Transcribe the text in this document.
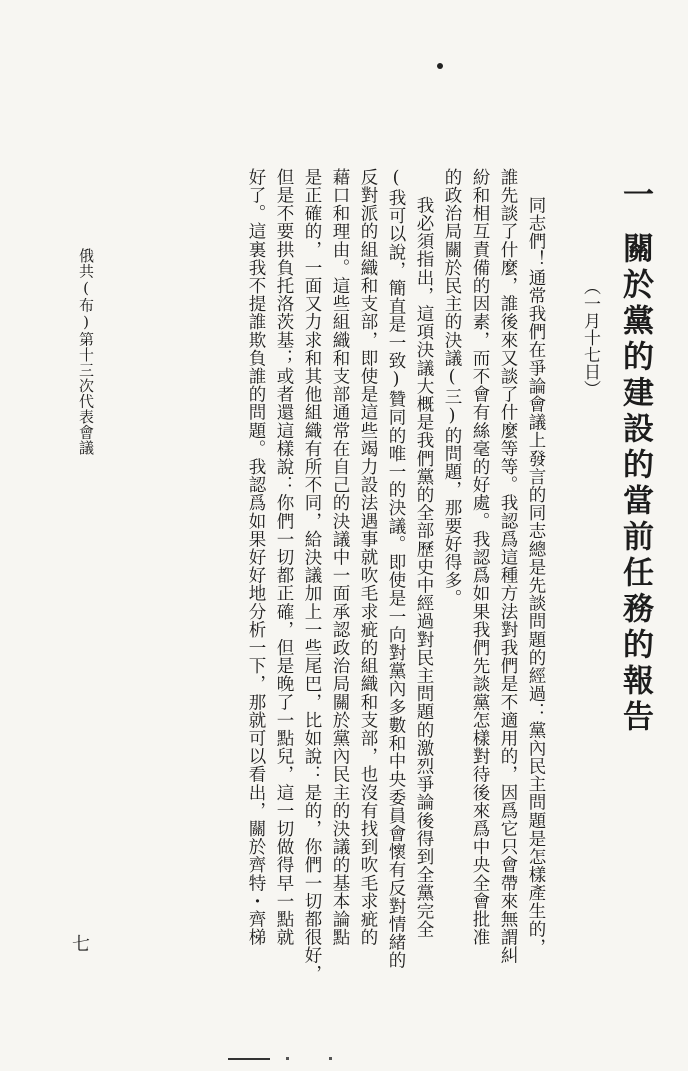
一關於黨的建設的當前任務的報告
（一月十七日）
同志們！通常我們在爭論會議上發言的同志總是先談問題的經過：黨內民主問題是怎樣產生的，
誰先談了什麼，誰後來又談了什麼等等。我認爲這種方法對我們是不適用的，因爲它只會帶來無謂糾
紛和相互責備的因素，而不會有絲毫的好處。我認爲如果我們先談黨怎樣對待後來爲中央全會批准
的政治局關於民主的決議(三)的問題，那要好得多。
我必須指出，這項決議大概是我們黨的全部歷史中經過對民主問題的激烈爭論後得到全黨完全
(我可以說，簡直是一致)贊同的唯一的決議。即使是一向對黨內多數和中央委員會懷有反對情緒的
反對派的組織和支部，即使是這些竭力設法遇事就吹毛求疵的組織和支部，也沒有找到吹毛求疵的
藉口和理由。這些組織和支部通常在自己的決議中一面承認政治局關於黨內民主的決議的基本論點
是正確的，一面又力求和其他組織有所不同，給決議加上一些尾巴，比如說：是的，你們一切都很好，
但是不要拱負托洛茨基；或者還這樣說：你們一切都正確，但是晚了一點兒，這一切做得早一點就
好了。這裏我不提誰欺負誰的問題。我認爲如果好好地分析一下，那就可以看出，關於齊特・齊梯
俄共(布)第十三次代表會議
七
